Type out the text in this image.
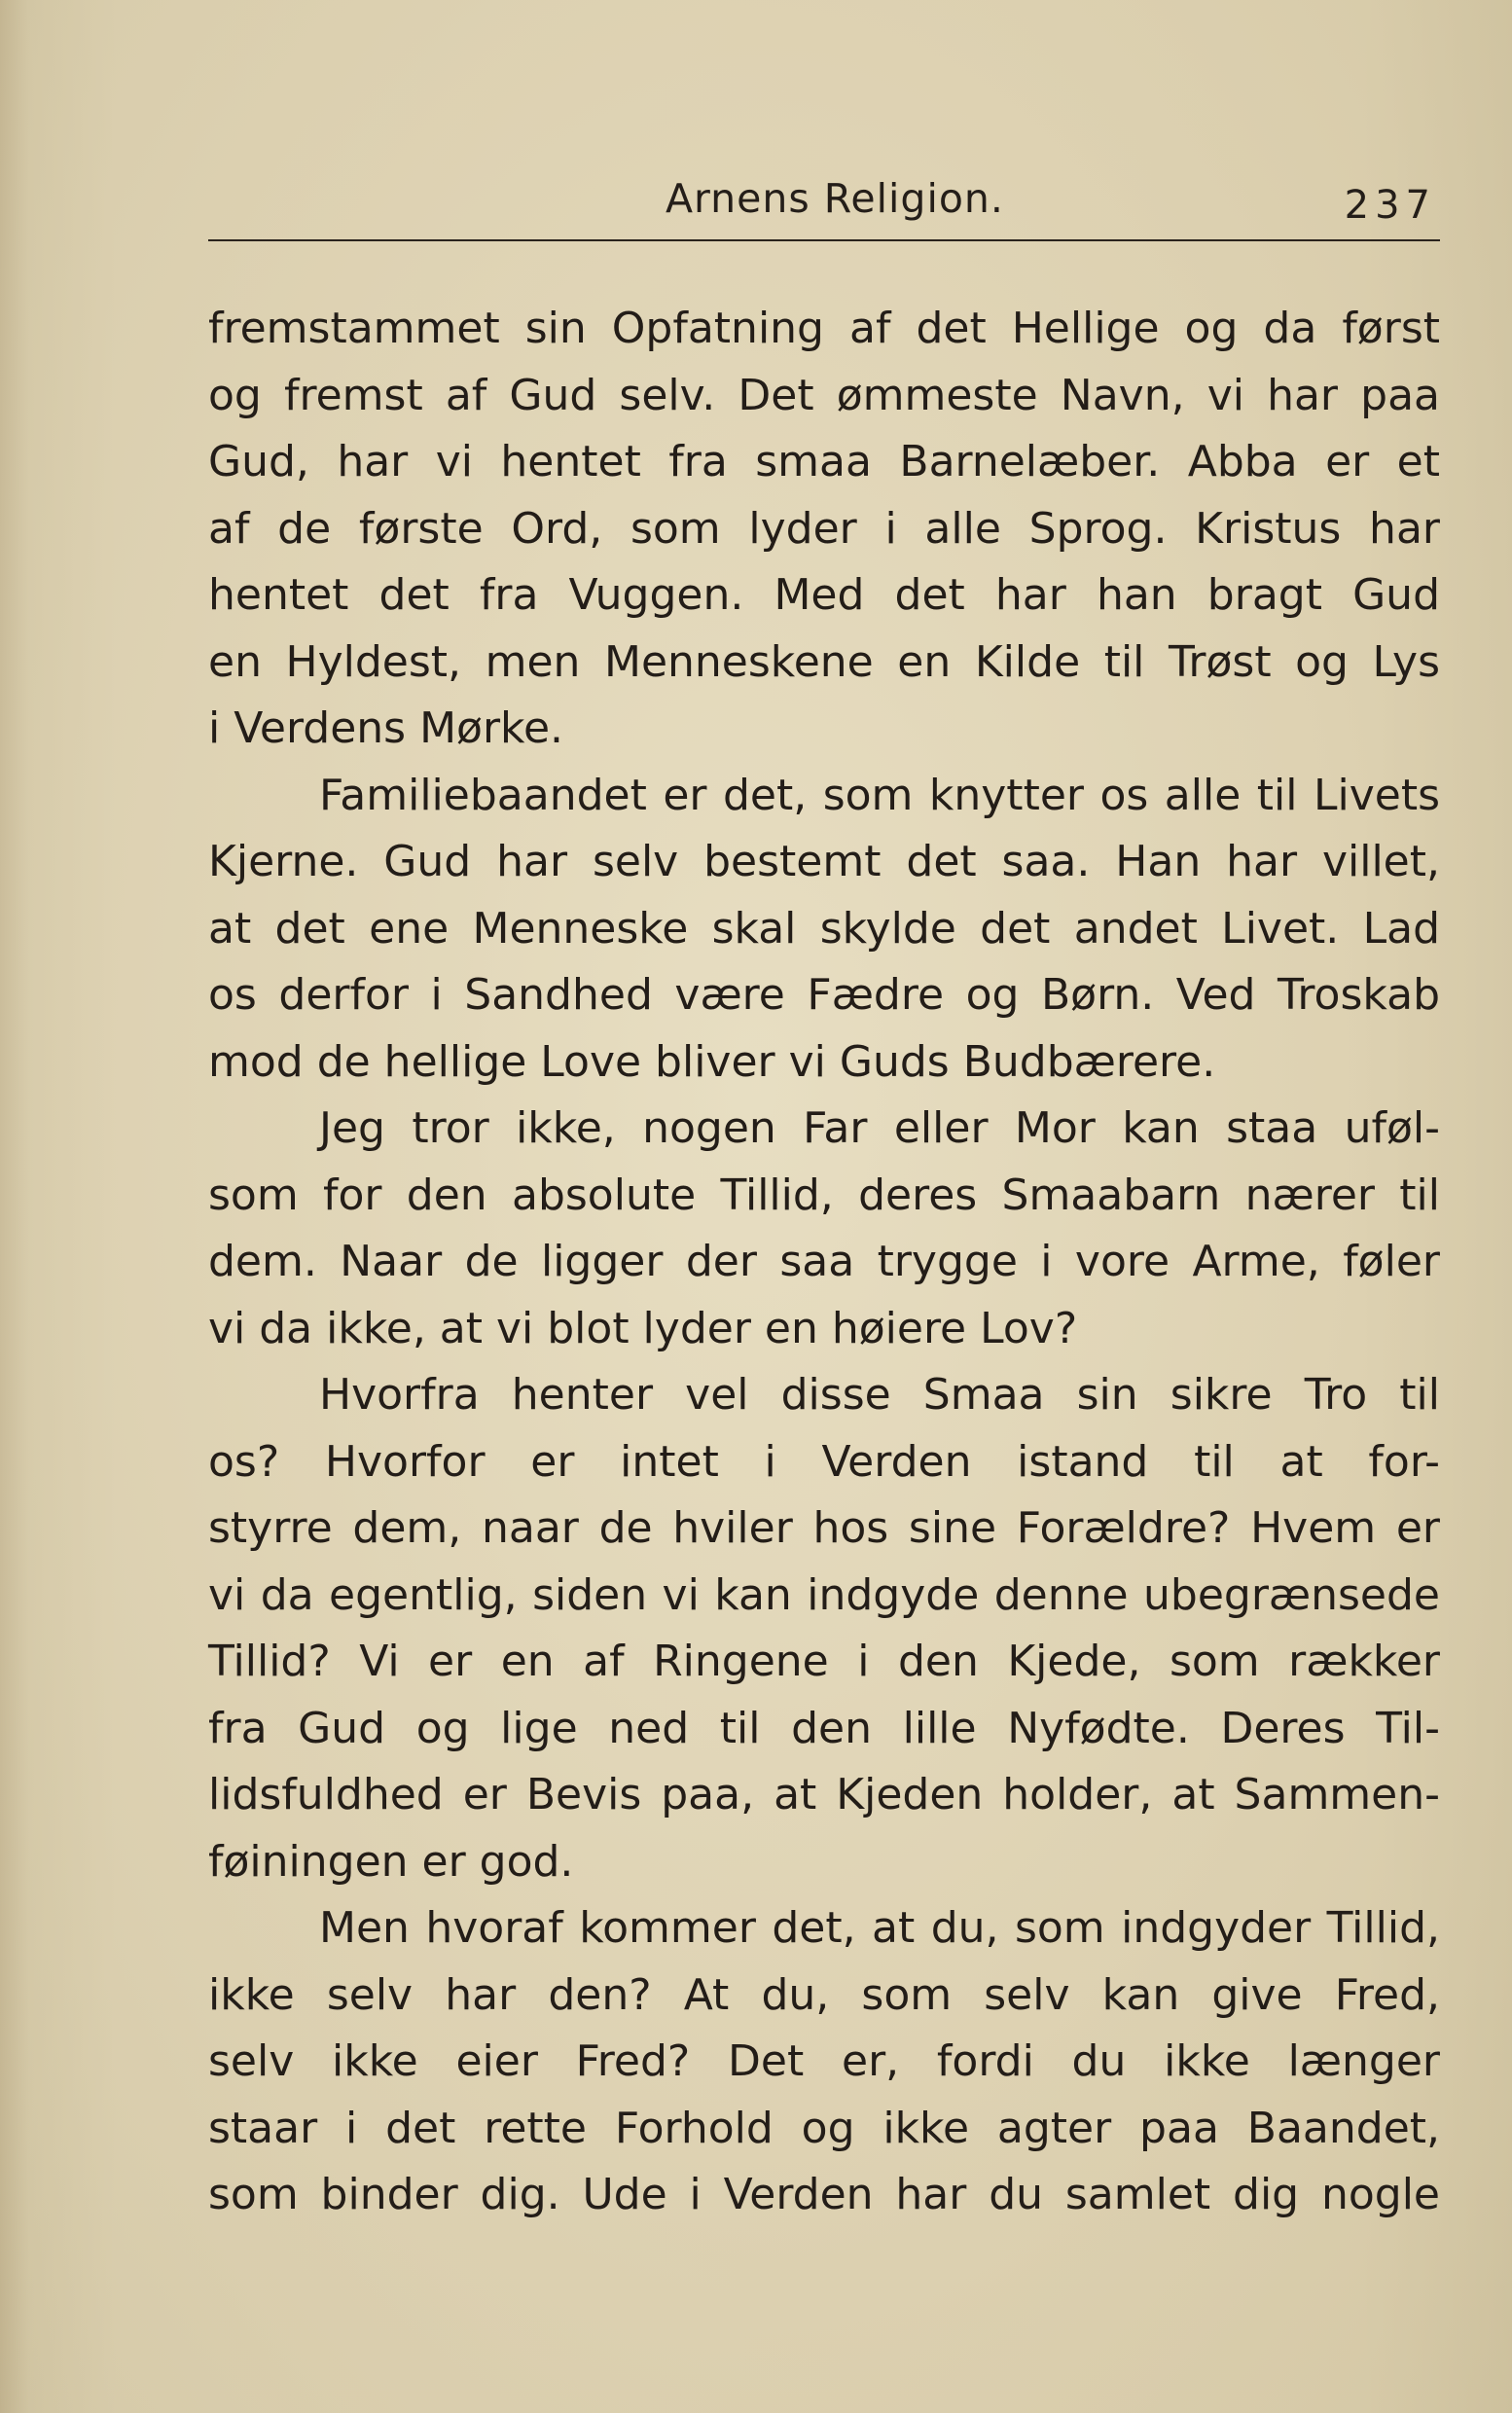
Arnens Religion.	237
fremstammet sin Opfatning af det Hellige og da først
og fremst af Gud selv. Det ømmeste Navn, vi har paa
Gud, har vi hentet fra smaa Barnelæber. Abba er et
af de første Ord, som lyder i alle Sprog. Kristus har
hentet det fra Vuggen. Med det har han bragt Gud
en Hyldest, men Menneskene en Kilde til Trøst og Lys
i Verdens Mørke.
Familiebaandet er det, som knytter os alle til Livets
Kjerne. Gud har selv bestemt det saa. Han har villet,
at det ene Menneske skal skylde det andet Livet. Lad
os derfor i Sandhed være Fædre og Børn. Ved Troskab
mod de hellige Love bliver vi Guds Budbærere.
Jeg tror ikke, nogen Far eller Mor kan staa uføl-
som for den absolute Tillid, deres Smaabarn nærer til
dem. Naar de ligger der saa trygge i vore Arme, føler
vi da ikke, at vi blot lyder en høiere Lov?
Hvorfra henter vel disse Smaa sin sikre Tro til
os? Hvorfor er intet i Verden istand til at for-
styrre dem, naar de hviler hos sine Forældre? Hvem er
vi da egentlig, siden vi kan indgyde denne ubegrænsede
Tillid? Vi er en af Ringene i den Kjede, som rækker
fra Gud og lige ned til den lille Nyfødte. Deres Til-
lidsfuldhed er Bevis paa, at Kjeden holder, at Sammen-
føiningen er god.
Men hvoraf kommer det, at du, som indgyder Tillid,
ikke selv har den? At du, som selv kan give Fred,
selv ikke eier Fred? Det er, fordi du ikke længer
staar i det rette Forhold og ikke agter paa Baandet,
som binder dig. Ude i Verden har du samlet dig nogle
